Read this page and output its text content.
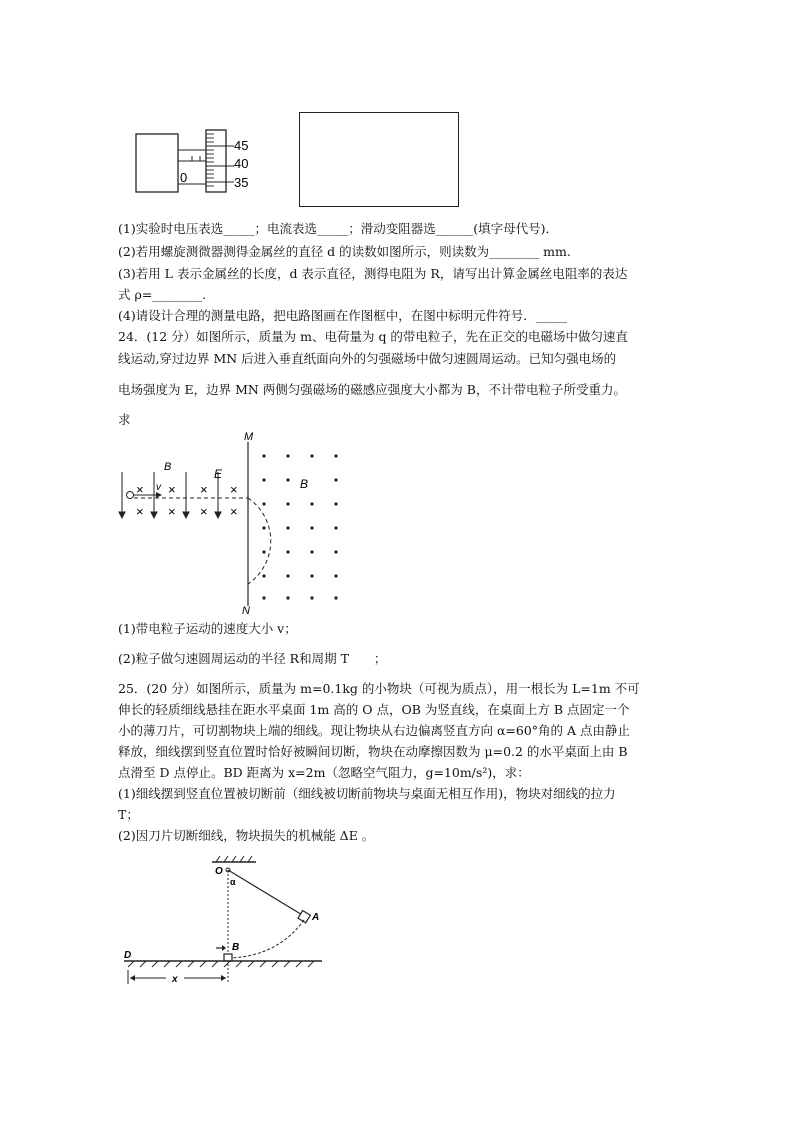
45
40
35
0
(1)实验时电压表选_____；电流表选_____；滑动变阻器选______(填字母代号)．
(2)若用螺旋测微器测得金属丝的直径 d 的读数如图所示，则读数为________ mm.
(3)若用 L 表示金属丝的长度，d 表示直径，测得电阻为 R，请写出计算金属丝电阻率的表达
式 ρ=________.
(4)请设计合理的测量电路，把电路图画在作图框中，在图中标明元件符号．_____
24．(12 分）如图所示，质量为 m、电荷量为 q 的带电粒子，先在正交的电磁场中做匀速直
线运动,穿过边界 MN 后进入垂直纸面向外的匀强磁场中做匀速圆周运动。已知匀强电场的
电场强度为 E，边界 MN 两侧匀强磁场的磁感应强度大小都为 B，不计带电粒子所受重力。
求
M
N
× × × ×
× × × ×
B	E
v	B
(1)带电粒子运动的速度大小 v；
(2)粒子做匀速圆周运动的半径 R和周期 T　　；
25．(20 分）如图所示，质量为 m=0.1kg 的小物块（可视为质点），用一根长为 L=1m 不可
伸长的轻质细线悬挂在距水平桌面 1m 高的 O 点，OB 为竖直线，在桌面上方 B 点固定一个
小的薄刀片，可切割物块上端的细线。现让物块从右边偏离竖直方向 α=60°角的 A 点由静止
释放，细线摆到竖直位置时恰好被瞬间切断，物块在动摩擦因数为 μ=0.2 的水平桌面上由 B
点滑至 D 点停止。BD 距离为 x=2m（忽略空气阻力，g=10m/s²)，求：
(1)细线摆到竖直位置被切断前（细线被切断前物块与桌面无相互作用)，物块对细线的拉力
T；
(2)因刀片切断细线，物块损失的机械能 ΔE 。
O
α
A
B
D
x
